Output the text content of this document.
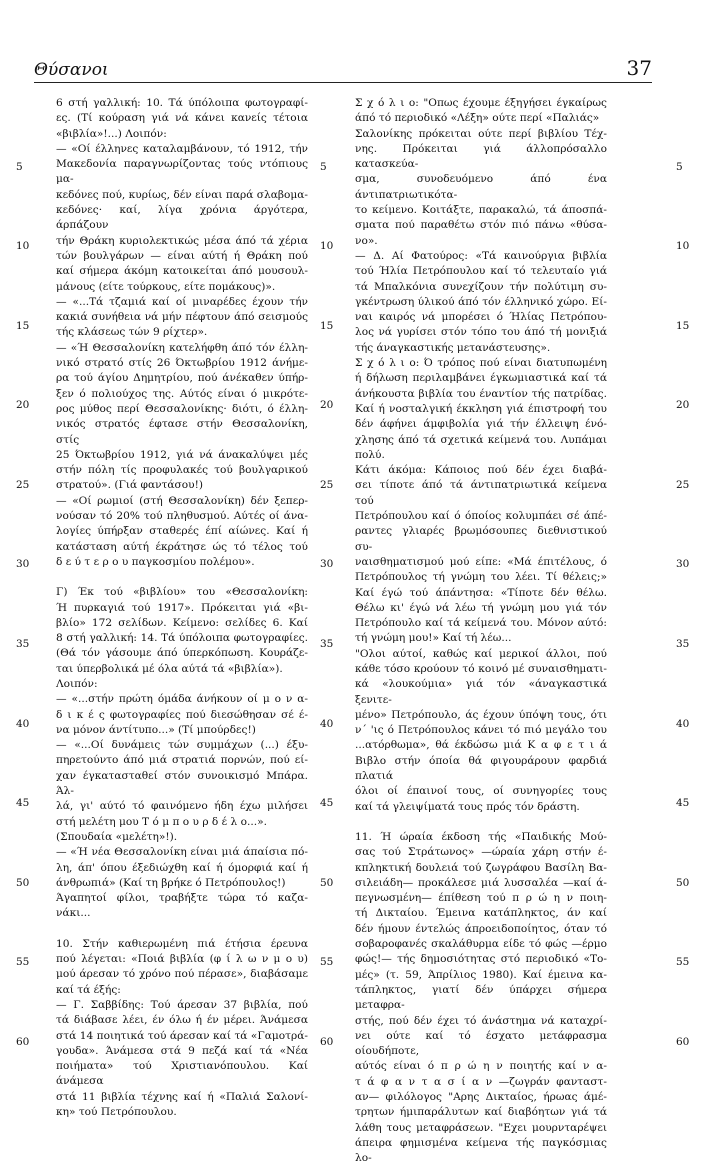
Θύσανοι	37
5
10
15
20
25
30
35
40
45
50
55
60
5
10
15
20
25
30
35
40
45
50
55
60
5
10
15
20
25
30
35
40
45
50
55
60

6 στή γαλλική: 10. Τά ύπόλοιπα φωτογραφί-

ες. (Τί κούραση γιά νά κάνει κανείς τέτοια

«βιβλία»!...) Λοιπόν:

— «Οί έλληνες καταλαμβάνουν, τό 1912, τήν

Μακεδονία παραγνωρίζοντας τούς ντόπιους μα-

κεδόνες πού, κυρίως, δέν είναι παρά σλαβομα-

κεδόνες· καί, λίγα χρόνια άργότερα, άρπάζουν

τήν Θράκη κυριολεκτικώς μέσα άπό τά χέρια

τών βουλγάρων — είναι αύτή ή Θράκη πού

καί σήμερα άκόμη κατοικείται άπό μουσουλ-

μάνους (είτε τούρκους, είτε πομάκους)».

— «...Τά τζαμιά καί οί μιναρέδες έχουν τήν

κακιά συνήθεια νά μήν πέφτουν άπό σεισμούς

τής κλάσεως τών 9 ρίχτερ».

— «Ή Θεσσαλονίκη κατελήφθη άπό τόν έλλη-

νικό στρατό στίς 26 Όκτωβρίου 1912 άνήμε-

ρα τού άγίου Δημητρίου, πού άνέκαθεν ύπήρ-

ξεν ό πολιούχος της. Αύτός είναι ό μικρότε-

ρος μύθος περί Θεσσαλονίκης· διότι, ό έλλη-

νικός στρατός έφτασε στήν Θεσσαλονίκη, στίς

25 Όκτωβρίου 1912, γιά νά άνακαλύψει μές

στήν πόλη τίς προφυλακές τού βουλγαρικού

στρατού». (Γιά φαντάσου!)

— «Οί ρωμιοί (στή Θεσσαλονίκη) δέν ξεπερ-

νούσαν τό 20% τού πληθυσμού. Αύτές οί άνα-

λογίες ύπήρξαν σταθερές έπί αίώνες. Καί ή

κατάσταση αύτή έκράτησε ώς τό τέλος τού

δ ε ύ τ ε ρ ο υ παγκοσμίου πολέμου».

Γ) Έκ τού «βιβλίου» του «Θεσσαλονίκη:

Ή πυρκαγιά τού 1917». Πρόκειται γιά «βι-

βλίο» 172 σελίδων. Κείμενο: σελίδες 6. Καί

8 στή γαλλική: 14. Τά ύπόλοιπα φωτογραφίες.

(Θά τόν γάσουμε άπό ύπερκόπωση. Κουράζε-

ται ύπερβολικά μέ όλα αύτά τά «βιβλία»).

Λοιπόν:

— «...στήν πρώτη όμάδα άνήκουν οί μ ο ν α-

δ ι κ έ ς φωτογραφίες πού διεσώθησαν σέ έ-

να μόνον άντίτυπο...» (Τί μπούρδες!)

— «...Οί δυνάμεις τών συμμάχων (...) έξυ-

πηρετούντο άπό μιά στρατιά πορνών, πού εί-

χαν έγκατασταθεί στόν συνοικισμό Μπάρα. Άλ-

λά, γι' αύτό τό φαινόμενο ήδη έχω μιλήσει

στή μελέτη μου Τ ό μ π ο υ ρ δ έ λ ο...».

(Σπουδαία «μελέτη»!).

— «Ή νέα Θεσσαλονίκη είναι μιά άπαίσια πό-

λη, άπ' όπου έξεδιώχθη καί ή όμορφιά καί ή

άνθρωπιά» (Καί τη βρήκε ό Πετρόπουλος!)

Άγαπητοί φίλοι, τραβήξτε τώρα τό καζα-

νάκι...

10. Στήν καθιερωμένη πιά έτήσια έρευνα

πού λέγεται: «Ποιά βιβλία (φ ί λ ω ν μ ο υ)

μού άρεσαν τό χρόνο πού πέρασε», διαβάσαμε

καί τά έξής:

— Γ. Σαββίδης: Τού άρεσαν 37 βιβλία, πού

τά διάβασε λέει, έν όλω ή έν μέρει. Άνάμεσα

στά 14 ποιητικά τού άρεσαν καί τά «Γαμοτρά-

γουδα». Άνάμεσα στά 9 πεζά καί τά «Νέα

ποιήματα» τού Χριστιανόπουλου. Καί άνάμεσα

στά 11 βιβλία τέχνης καί ή «Παλιά Σαλονί-

κη» τού Πετρόπουλου.

Σ χ ό λ ι ο: "Οπως έχουμε έξηγήσει έγκαίρως

άπό τό περιοδικό «Λέξη» ούτε περί «Παλιάς»

Σαλονίκης πρόκειται ούτε περί βιβλίου Τέχ-

νης. Πρόκειται γιά άλλοπρόσαλλο κατασκεύα-

σμα, συνοδευόμενο άπό ένα άντιπατριωτικότα-

το κείμενο. Κοιτάξτε, παρακαλώ, τά άποσπά-

σματα πού παραθέτω στόν πιό πάνω «θύσα-

νο».

— Δ. Αί Φατούρος: «Τά καινούργια βιβλία

τού Ήλία Πετρόπουλου καί τό τελευταίο γιά

τά Μπαλκόνια συνεχίζουν τήν πολύτιμη συ-

γκέντρωση ύλικού άπό τόν έλληνικό χώρο. Εί-

ναι καιρός νά μπορέσει ό Ήλίας Πετρόπου-

λος νά γυρίσει στόν τόπο του άπό τή μονιξιά

τής άναγκαστικής μετανάστευσης».

Σ χ ό λ ι ο: Ό τρόπος πού είναι διατυπωμένη

ή δήλωση περιλαμβάνει έγκωμιαστικά καί τά

άνήκουστα βιβλία του έναντίον τής πατρίδας.

Καί ή νοσταλγική έκκληση γιά έπιστροφή του

δέν άφήνει άμφιβολία γιά τήν έλλειψη ένό-

χλησης άπό τά σχετικά κείμενά του. Λυπάμαι

πολύ.

Κάτι άκόμα: Κάποιος πού δέν έχει διαβά-

σει τίποτε άπό τά άντιπατριωτικά κείμενα τού

Πετρόπουλου καί ό όποίος κολυμπάει σέ άπέ-

ραντες γλιαρές βρωμόσουπες διεθνιστικού συ-

ναισθηματισμού μού είπε: «Μά έπιτέλους, ό

Πετρόπουλος τή γνώμη του λέει. Τί θέλεις;»

Καί έγώ τού άπάντησα: «Τίποτε δέν θέλω.

Θέλω κι' έγώ νά λέω τή γνώμη μου γιά τόν

Πετρόπουλο καί τά κείμενά του. Μόνον αύτό:

τή γνώμη μου!» Καί τή λέω...

"Ολοι αύτοί, καθώς καί μερικοί άλλοι, πού

κάθε τόσο κρούουν τό κοινό μέ συναισθηματι-

κά «λουκούμια» γιά τόν «άναγκαστικά ξενιτε-

μένο» Πετρόπουλο, άς έχουν ύπόψη τους, ότι

ν΄ 'ις ό Πετρόπουλος κάνει τό πιό μεγάλο του

...ατόρθωμα», θά έκδώσω μιά Κ α φ ε τ ι ά

Βιβλο στήν όποία θά φιγουράρουν φαρδιά πλατιά

όλοι οί έπαινοί τους, οί συνηγορίες τους

καί τά γλειψίματά τους πρός τόν δράστη.

11. Ή ώραία έκδοση τής «Παιδικής Μού-

σας τού Στράτωνος» —ώραία χάρη στήν έ-

κπληκτική δουλειά τού ζωγράφου Βασίλη Βα-

σιλειάδη— προκάλεσε μιά λυσσαλέα —καί ά-

πεγνωσμένη— έπίθεση τού π ρ ώ η ν ποιη-

τή Δικταίου. Έμεινα κατάπληκτος, άν καί

δέν ήμουν έντελώς άπροειδοποίητος, όταν τό

σοβαροφανές σκαλάθυρμα είδε τό φώς —έρμο

φώς!— τής δημοσιότητας στό περιοδικό «Το-

μές» (τ. 59, Άπρίλιος 1980). Καί έμεινα κα-

τάπληκτος, γιατί δέν ύπάρχει σήμερα μεταφρα-

στής, πού δέν έχει τό άνάστημα νά καταχρί-

νει ούτε καί τό έσχατο μετάφρασμα οίουδήποτε,

αύτός είναι ό π ρ ώ η ν ποιητής καί ν α-

τ ά φ α ν τ α σ ί α ν —ζωγράν φανταστ-

αν— φιλόλογος "Αρης Δικταίος, ήρωας άμέ-

τρητων ήμιπαράλυτων καί διαβόητων γιά τά

λάθη τους μεταφράσεων. "Εχει μουρνταρέψει

άπειρα φημισμένα κείμενα τής παγκόσμιας λο-
